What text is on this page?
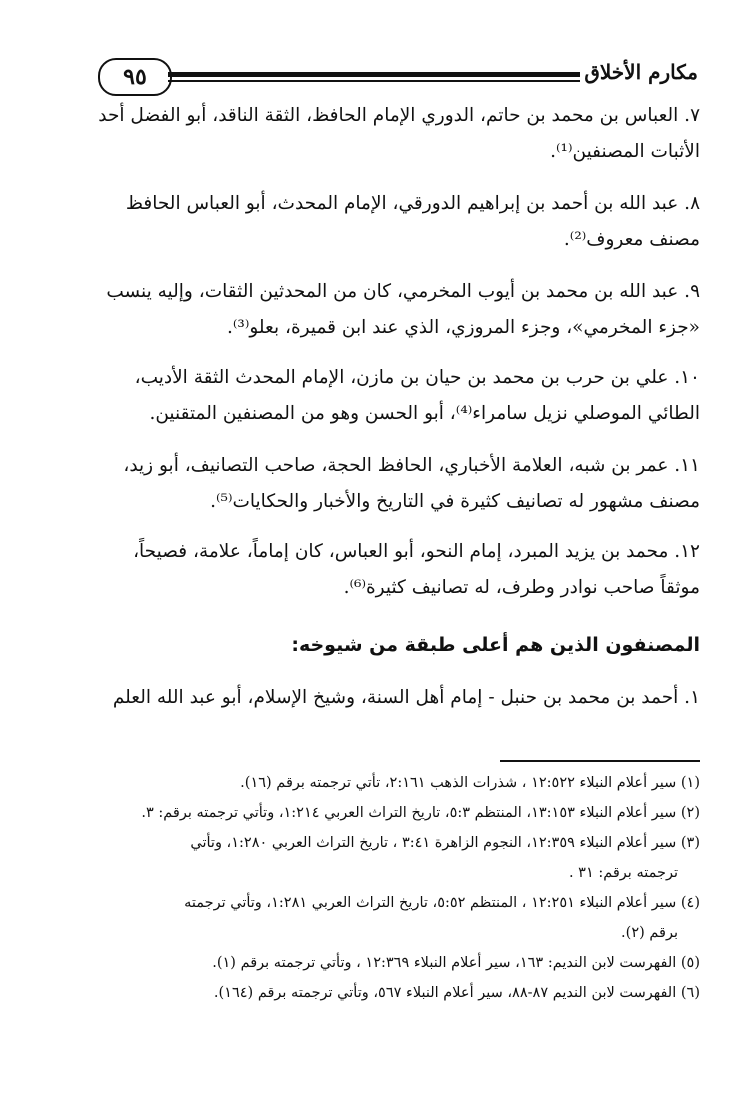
٩٥	مكارم الأخلاق

٧. العباس بن محمد بن حاتم، الدوري الإمام الحافظ، الثقة الناقد، أبو الفضل أحد
الأثبات المصنفين⁽¹⁾.

٨. عبد الله بن أحمد بن إبراهيم الدورقي، الإمام المحدث، أبو العباس الحافظ
مصنف معروف⁽²⁾.

٩. عبد الله بن محمد بن أيوب المخرمي، كان من المحدثين الثقات، وإليه ينسب
«جزء المخرمي»، وجزء المروزي، الذي عند ابن قميرة، بعلو⁽³⁾.

١٠. علي بن حرب بن محمد بن حيان بن مازن، الإمام المحدث الثقة الأديب،
الطائي الموصلي نزيل سامراء⁽⁴⁾، أبو الحسن وهو من المصنفين المتقنين.

١١. عمر بن شبه، العلامة الأخباري، الحافظ الحجة، صاحب التصانيف، أبو زيد،
مصنف مشهور له تصانيف كثيرة في التاريخ والأخبار والحكايات⁽⁵⁾.

١٢. محمد بن يزيد المبرد، إمام النحو، أبو العباس، كان إماماً، علامة، فصيحاً،
موثقاً صاحب نوادر وطرف، له تصانيف كثيرة⁽⁶⁾.

المصنفون الذين هم أعلى طبقة من شيوخه:

١. أحمد بن محمد بن حنبل - إمام أهل السنة، وشيخ الإسلام، أبو عبد الله العلم

(١) سير أعلام النبلاء ١٢:٥٢٢ ، شذرات الذهب ٢:١٦١، تأتي ترجمته برقم (١٦).
(٢) سير أعلام النبلاء ١٣:١٥٣، المنتظم ٥:٣، تاريخ التراث العربي ١:٢١٤، وتأتي ترجمته برقم: ٣.
(٣) سير أعلام النبلاء ١٢:٣٥٩، النجوم الزاهرة ٣:٤١ ، تاريخ التراث العربي ١:٢٨٠، وتأتي
ترجمته برقم: ٣١ .
(٤) سير أعلام النبلاء ١٢:٢٥١ ، المنتظم ٥:٥٢، تاريخ التراث العربي ١:٢٨١، وتأتي ترجمته
برقم (٢).
(٥) الفهرست لابن النديم: ١٦٣، سير أعلام النبلاء ١٢:٣٦٩ ، وتأتي ترجمته برقم (١).
(٦) الفهرست لابن النديم ٨٧-٨٨، سير أعلام النبلاء ٥٦٧، وتأتي ترجمته برقم (١٦٤).
